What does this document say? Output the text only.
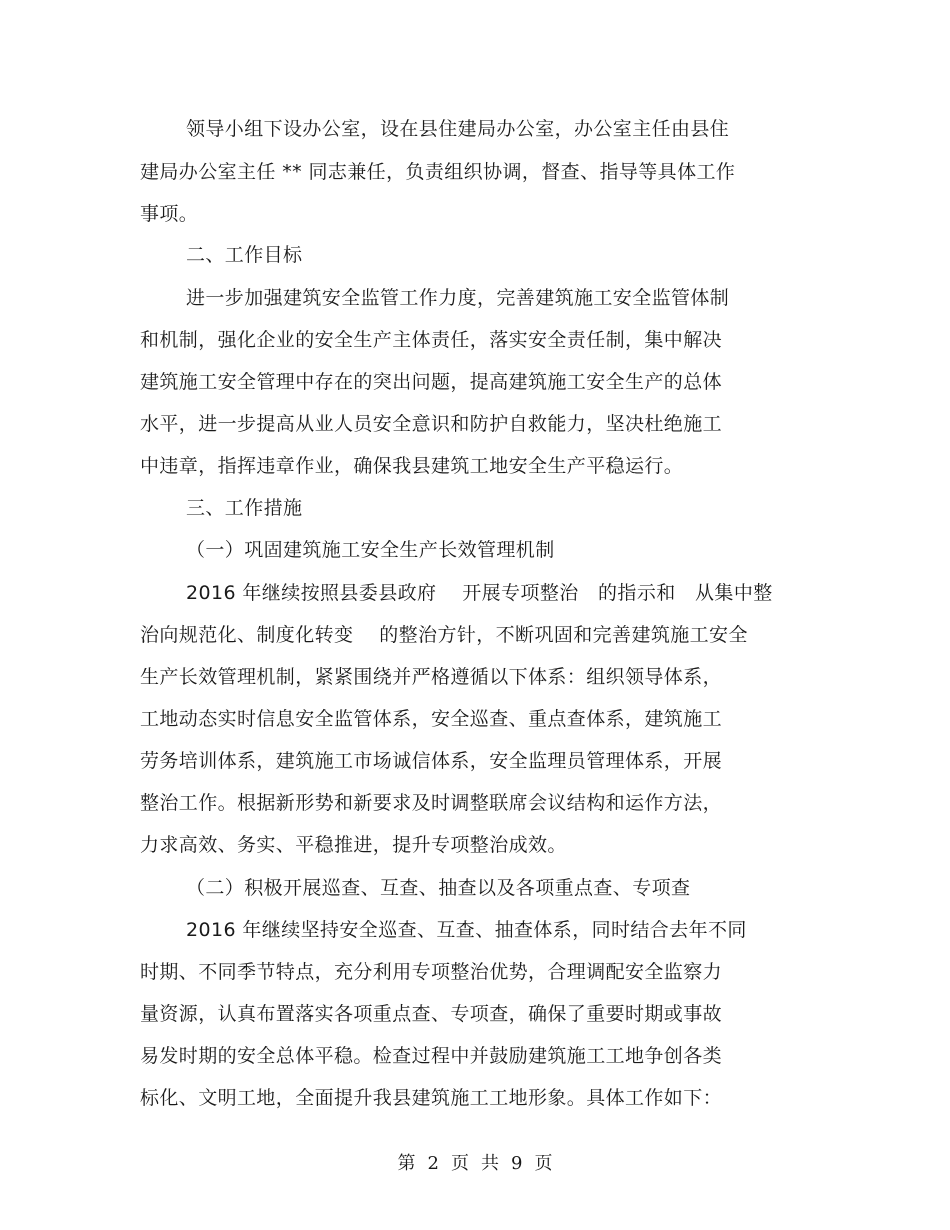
领导小组下设办公室，设在县住建局办公室，办公室主任由县住
建局办公室主任 ** 同志兼任，负责组织协调，督查、指导等具体工作
事项。
二、工作目标
进一步加强建筑安全监管工作力度，完善建筑施工安全监管体制
和机制，强化企业的安全生产主体责任，落实安全责任制，集中解决
建筑施工安全管理中存在的突出问题，提高建筑施工安全生产的总体
水平，进一步提高从业人员安全意识和防护自救能力，坚决杜绝施工
中违章，指挥违章作业，确保我县建筑工地安全生产平稳运行。
三、工作措施
（一）巩固建筑施工安全生产长效管理机制
2016 年继续按照县委县政府　 开展专项整治　的指示和　从集中整
治向规范化、制度化转变　 的整治方针，不断巩固和完善建筑施工安全
生产长效管理机制，紧紧围绕并严格遵循以下体系：组织领导体系，
工地动态实时信息安全监管体系，安全巡查、重点查体系，建筑施工
劳务培训体系，建筑施工市场诚信体系，安全监理员管理体系，开展
整治工作。根据新形势和新要求及时调整联席会议结构和运作方法，
力求高效、务实、平稳推进，提升专项整治成效。
（二）积极开展巡查、互查、抽查以及各项重点查、专项查
2016 年继续坚持安全巡查、互查、抽查体系，同时结合去年不同
时期、不同季节特点，充分利用专项整治优势，合理调配安全监察力
量资源，认真布置落实各项重点查、专项查，确保了重要时期或事故
易发时期的安全总体平稳。检查过程中并鼓励建筑施工工地争创各类
标化、文明工地，全面提升我县建筑施工工地形象。具体工作如下：
第 2 页 共 9 页
